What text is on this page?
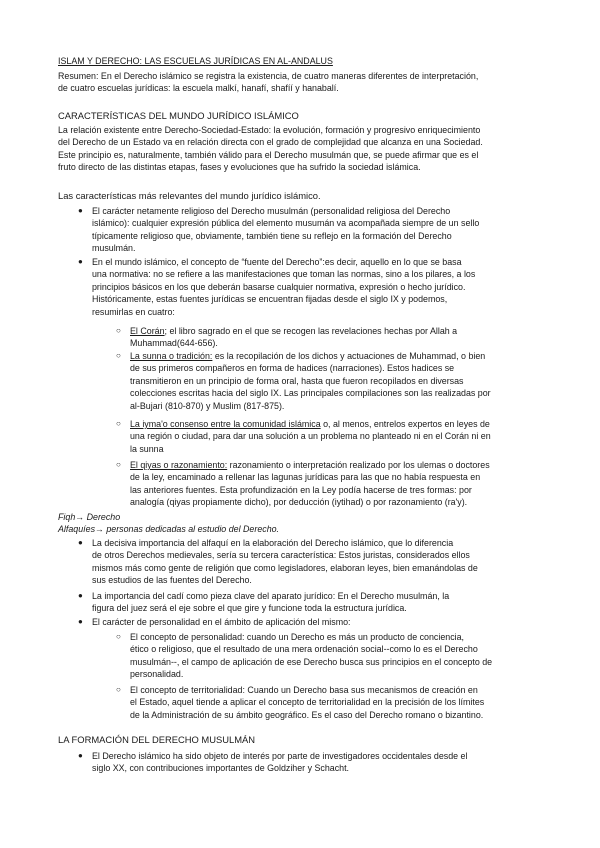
ISLAM Y DERECHO: LAS ESCUELAS JURÍDICAS EN AL-ANDALUS
Resumen: En el Derecho islámico se registra la existencia, de cuatro maneras diferentes de interpretación,
de cuatro escuelas jurídicas: la escuela malkí, hanafí, shafíí y hanabalí.
CARACTERÍSTICAS DEL MUNDO JURÍDICO ISLÁMICO
La relación existente entre Derecho-Sociedad-Estado: la evolución, formación y progresivo enriquecimiento
del Derecho de un Estado va en relación directa con el grado de complejidad que alcanza en una Sociedad.
Este principio es, naturalmente, también válido para el Derecho musulmán que, se puede afirmar que es el
fruto directo de las distintas etapas, fases y evoluciones que ha sufrido la sociedad islámica.
Las características más relevantes del mundo jurídico islámico.
●	El carácter netamente religioso del Derecho musulmán (personalidad religiosa del Derecho
islámico): cualquier expresión pública del elemento musumán va acompañada siempre de un sello
típicamente religioso que, obviamente, también tiene su reflejo en la formación del Derecho
musulmán.
●	En el mundo islámico, el concepto de “fuente del Derecho”:es decir, aquello en lo que se basa
una normativa: no se refiere a las manifestaciones que toman las normas, sino a los pilares, a los
principios básicos en los que deberán basarse cualquier normativa, expresión o hecho jurídico.
Históricamente, estas fuentes jurídicas se encuentran fijadas desde el siglo IX y podemos,
resumirlas en cuatro:
○	El Corán; el libro sagrado en el que se recogen las revelaciones hechas por Allah a
Muhammad(644-656).
○	La sunna o tradición: es la recopilación de los dichos y actuaciones de Muhammad, o bien
de sus primeros compañeros en forma de hadices (narraciones). Estos hadices se
transmitieron en un principio de forma oral, hasta que fueron recopilados en diversas
colecciones escritas hacia del siglo IX. Las principales compilaciones son las realizadas por
al-Bujari (810-870) y Muslim (817-875).
○	La iyma'o consenso entre la comunidad islámica o, al menos, entrelos expertos en leyes de
una región o ciudad, para dar una solución a un problema no planteado ni en el Corán ni en
la sunna
○	El qiyas o razonamiento: razonamiento o interpretación realizado por los ulemas o doctores
de la ley, encaminado a rellenar las lagunas jurídicas para las que no había respuesta en
las anteriores fuentes. Esta profundización en la Ley podía hacerse de tres formas: por
analogía (qiyas propiamente dicho), por deducción (iytihad) o por razonamiento (ra'y).
Fiqh→ Derecho
Alfaquíes→ personas dedicadas al estudio del Derecho.
●	La decisiva importancia del alfaquí en la elaboración del Derecho islámico, que lo diferencia
de otros Derechos medievales, sería su tercera característica: Estos juristas, considerados ellos
mismos más como gente de religión que como legisladores, elaboran leyes, bien emanándolas de
sus estudios de las fuentes del Derecho.
●	La importancia del cadí como pieza clave del aparato jurídico: En el Derecho musulmán, la
figura del juez será el eje sobre el que gire y funcione toda la estructura jurídica.
●	El carácter de personalidad en el ámbito de aplicación del mismo:
○	El concepto de personalidad: cuando un Derecho es más un producto de conciencia,
ético o religioso, que el resultado de una mera ordenación social--como lo es el Derecho
musulmán--, el campo de aplicación de ese Derecho busca sus principios en el concepto de
personalidad.
○	El concepto de territorialidad: Cuando un Derecho basa sus mecanismos de creación en
el Estado, aquel tiende a aplicar el concepto de territorialidad en la precisión de los límites
de la Administración de su ámbito geográfico. Es el caso del Derecho romano o bizantino.
LA FORMACIÓN DEL DERECHO MUSULMÁN
●	El Derecho islámico ha sido objeto de interés por parte de investigadores occidentales desde el
siglo XX, con contribuciones importantes de Goldziher y Schacht.
